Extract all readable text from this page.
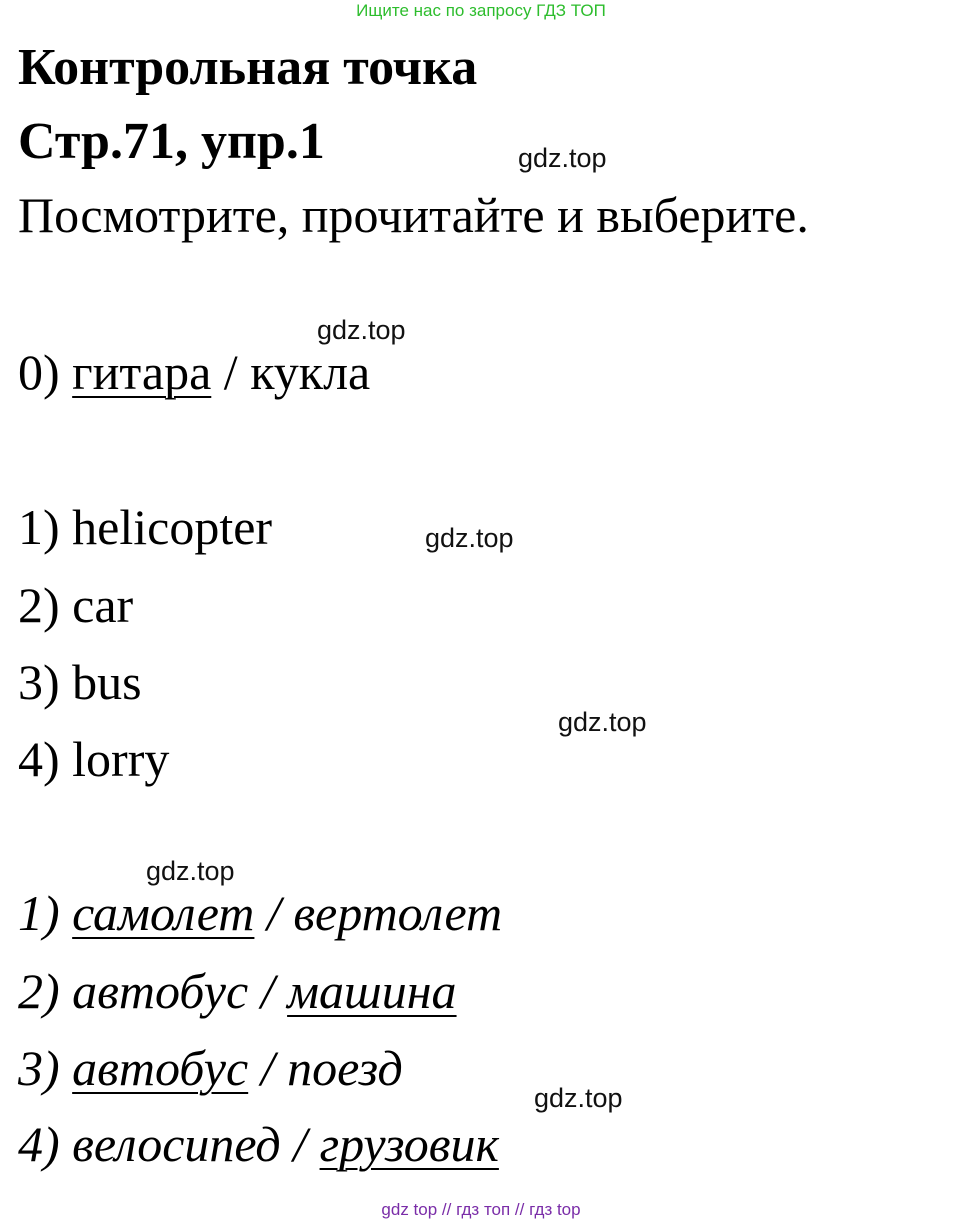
Ищите нас по запросу ГДЗ ТОП
Контрольная точка
Стр.71, упр.1	gdz.top
Посмотрите, прочитайте и выберите.
gdz.top
0) гитара / кукла
1) helicopter	gdz.top
2) car
3) bus
gdz.top
4) lorry
gdz.top
1) самолет / вертолет
2) автобус / машина
3) автобус / поезд
gdz.top
4) велосипед / грузовик
gdz top // гдз топ // гдз top
